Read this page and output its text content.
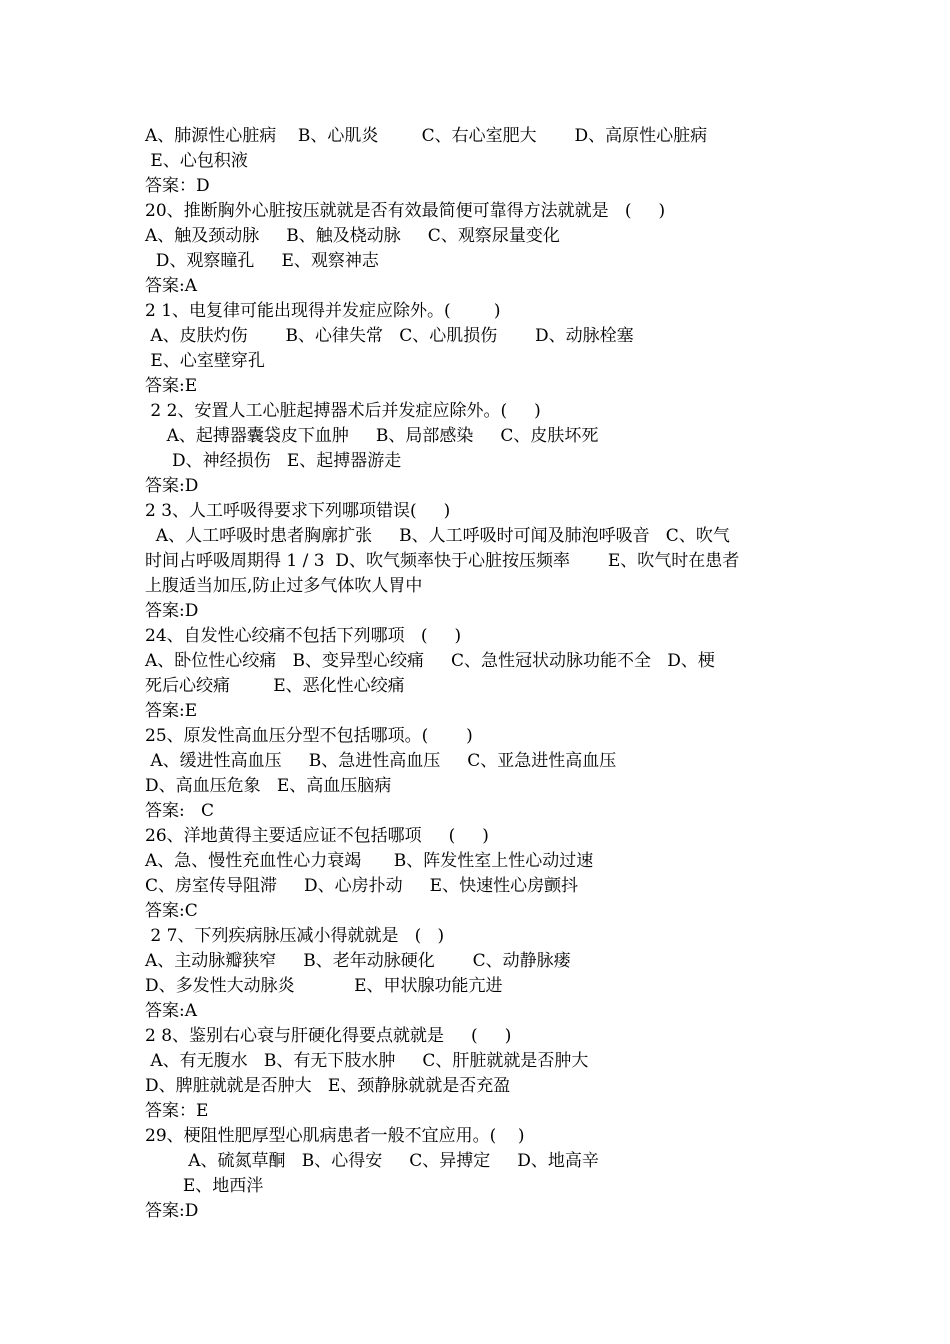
A、肺源性心脏病    B、心肌炎        C、右心室肥大       D、高原性心脏病
E、心包积液
答案：D
20、推断胸外心脏按压就就是否有效最简便可靠得方法就就是   (     )
A、触及颈动脉     B、触及桡动脉     C、观察尿量变化
D、观察瞳孔     E、观察神志
答案:A
2 1、电复律可能出现得并发症应除外。(        )
A、皮肤灼伤       B、心律失常   C、心肌损伤       D、动脉栓塞
E、心室壁穿孔
答案:E
2 2、安置人工心脏起搏器术后并发症应除外。(     )
A、起搏器囊袋皮下血肿     B、局部感染     C、皮肤坏死
D、神经损伤   E、起搏器游走
答案:D
2 3、人工呼吸得要求下列哪项错误(     )
A、人工呼吸时患者胸廓扩张     B、人工呼吸时可闻及肺泡呼吸音   C、吹气
时间占呼吸周期得 1 / 3  D、吹气频率快于心脏按压频率       E、吹气时在患者
上腹适当加压,防止过多气体吹人胃中
答案:D
24、自发性心绞痛不包括下列哪项   (     )
A、卧位性心绞痛   B、变异型心绞痛     C、急性冠状动脉功能不全   D、梗
死后心绞痛        E、恶化性心绞痛
答案:E
25、原发性高血压分型不包括哪项。(       )
A、缓进性高血压     B、急进性高血压     C、亚急进性高血压
D、高血压危象   E、高血压脑病
答案:   C
26、洋地黄得主要适应证不包括哪项     (     )
A、急、慢性充血性心力衰竭      B、阵发性室上性心动过速
C、房室传导阻滞     D、心房扑动     E、快速性心房颤抖
答案:C
2 7、下列疾病脉压减小得就就是   (   )
A、主动脉瓣狭窄     B、老年动脉硬化       C、动静脉瘘
D、多发性大动脉炎           E、甲状腺功能亢进
答案:A
2 8、鉴别右心衰与肝硬化得要点就就是     (     )
A、有无腹水   B、有无下肢水肿     C、肝脏就就是否肿大
D、脾脏就就是否肿大   E、颈静脉就就是否充盈
答案：E
29、梗阻性肥厚型心肌病患者一般不宜应用。(    )
A、硫氮草酮   B、心得安     C、异搏定     D、地高辛
E、地西泮
答案:D
